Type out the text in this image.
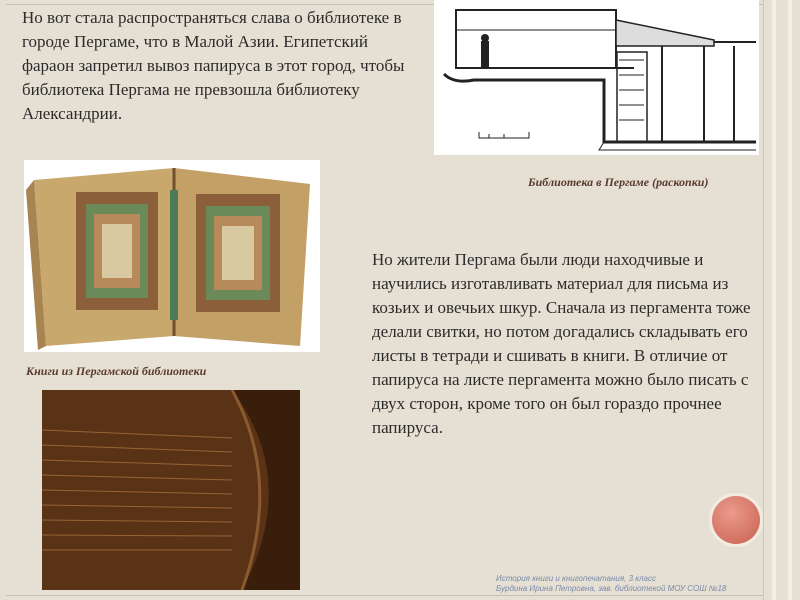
Но вот стала распространяться слава о библиотеке в городе Пергаме, что в Малой Азии. Египетский фараон запретил вывоз папируса в этот город, чтобы библиотека Пергама не превзошла библиотеку Александрии.
Библиотека в Пергаме (раскопки)
Книги из Пергамской библиотеки
Но жители Пергама были люди находчивые и научились изготавливать материал для письма из козьих и овечьих шкур. Сначала из пергамента тоже делали свитки, но потом догадались складывать его листы в тетради и сшивать в книги. В отличие от папируса на листе пергамента можно было писать с двух сторон, кроме того он был гораздо прочнее папируса.
История книги и книгопечатания, 3 класс
Бурдина Ирина Петровна, зав. библиотекой МОУ СОШ №18
